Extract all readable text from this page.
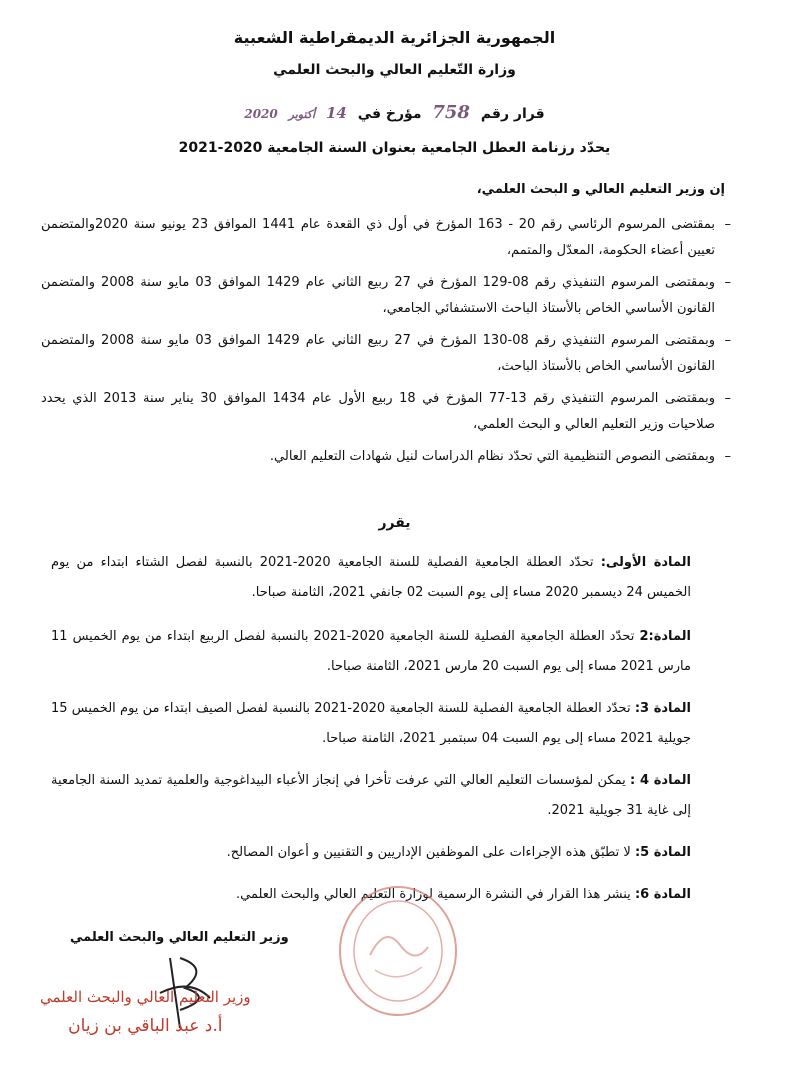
الجمهورية الجزائرية الديمقراطية الشعبية
وزارة التّعليم العالي والبحث العلمي
قرار رقم 758 مؤرخ في 14 أكتوبر 2020
يحدّد رزنامة العطل الجامعية بعنوان السنة الجامعية 2020-2021
إن وزير التعليم العالي و البحث العلمي،
–
بمقتضى المرسوم الرئاسي رقم 20 - 163 المؤرخ في أول ذي القعدة عام 1441 الموافق 23 يونيو سنة 2020والمتضمن تعيين أعضاء الحكومة، المعدّل والمتمم،
–
وبمقتضى المرسوم التنفيذي رقم 08-129 المؤرخ في 27 ربيع الثاني عام 1429 الموافق 03 مايو سنة 2008 والمتضمن القانون الأساسي الخاص بالأستاذ الباحث الاستشفائي الجامعي،
–
وبمقتضى المرسوم التنفيذي رقم 08-130 المؤرخ في 27 ربيع الثاني عام 1429 الموافق 03 مايو سنة 2008 والمتضمن القانون الأساسي الخاص بالأستاذ الباحث،
–
وبمقتضى المرسوم التنفيذي رقم 13-77 المؤرخ في 18 ربيع الأول عام 1434 الموافق 30 يناير سنة 2013 الذي يحدد صلاحيات وزير التعليم العالي و البحث العلمي،
–
وبمقتضى النصوص التنظيمية التي تحدّد نظام الدراسات لنيل شهادات التعليم العالي.
يقرر
المادة الأولى: تحدّد العطلة الجامعية الفصلية للسنة الجامعية 2020-2021 بالنسبة لفصل الشتاء ابتداء من يوم الخميس 24 ديسمبر 2020 مساء إلى يوم السبت 02 جانفي 2021، الثامنة صباحا.
المادة:2 تحدّد العطلة الجامعية الفصلية للسنة الجامعية 2020-2021 بالنسبة لفصل الربيع ابتداء من يوم الخميس 11 مارس 2021 مساء إلى يوم السبت 20 مارس 2021، الثامنة صباحا.
المادة 3: تحدّد العطلة الجامعية الفصلية للسنة الجامعية 2020-2021 بالنسبة لفصل الصيف ابتداء من يوم الخميس 15 جويلية 2021 مساء إلى يوم السبت 04 سبتمبر 2021، الثامنة صباحا.
المادة 4 : يمكن لمؤسسات التعليم العالي التي عرفت تأخرا في إنجاز الأعباء البيداغوجية والعلمية تمديد السنة الجامعية إلى غاية 31 جويلية 2021.
المادة 5: لا تطبّق هذه الإجراءات على الموظفين الإداريين و التقنيين و أعوان المصالح.
المادة 6: ينشر هذا القرار في النشرة الرسمية لوزارة التعليم العالي والبحث العلمي.
وزير التعليم العالي والبحث العلمي
وزير التعليم العالي والبحث العلمي
أ.د عبد الباقي بن زيان
